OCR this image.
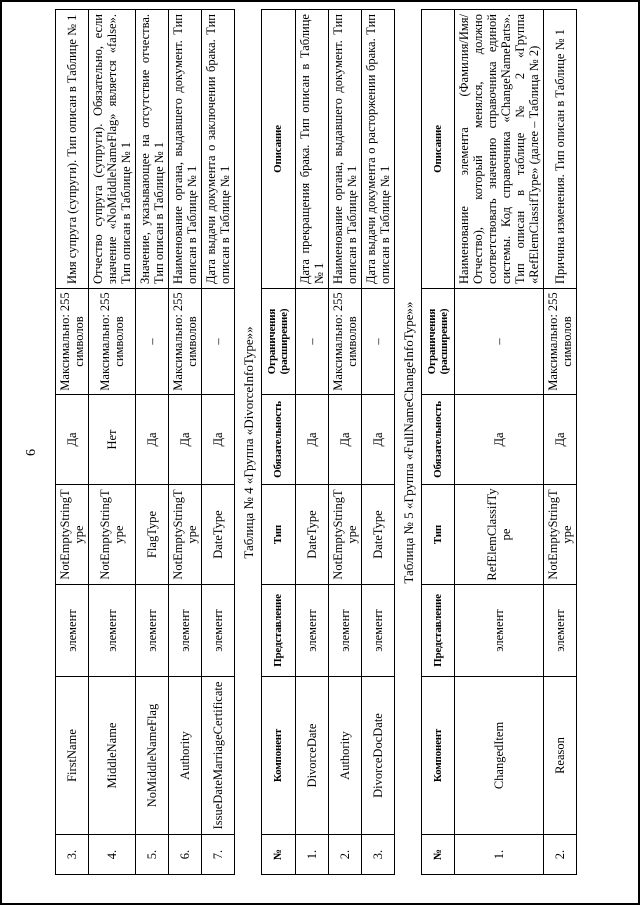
6
3.	FirstName	элемент	NotEmptyStringType	Да	Максимально: 255 символов	Имя супруга (супруги). Тип описан в Таблице № 1
4.	MiddleName	элемент	NotEmptyStringType	Нет	Максимально: 255 символов	Отчество супруга (супруги). Обязательно, если значение «NoMiddleNameFlag» является «false». Тип описан в Таблице № 1
5.	NoMiddleNameFlag	элемент	FlagType	Да	–	Значение, указывающее на отсутствие отчества. Тип описан в Таблице № 1
6.	Authority	элемент	NotEmptyStringType	Да	Максимально: 255 символов	Наименование органа, выдавшего документ. Тип описан в Таблице № 1
7.	IssueDateMarriageCertificate	элемент	DateType	Да	–	Дата выдачи документа о заключении брака. Тип описан в Таблице № 1
Таблица № 4 «Группа «DivorceInfoType»»
№	Компонент	Представление	Тип	Обязательность	Ограничения (расширение)	Описание
1.	DivorceDate	элемент	DateType	Да	–	Дата прекращения брака. Тип описан в Таблице № 1
2.	Authority	элемент	NotEmptyStringType	Да	Максимально: 255 символов	Наименование органа, выдавшего документ. Тип описан в Таблице № 1
3.	DivorceDocDate	элемент	DateType	Да	–	Дата выдачи документа о расторжении брака. Тип описан в Таблице № 1
Таблица № 5 «Группа «FullNameChangeInfoType»»
№	Компонент	Представление	Тип	Обязательность	Ограничения (расширение)	Описание
1.	ChangedItem	элемент	RefElemClassifType	Да	–	Наименование элемента (Фамилия/Имя/Отчество), который менялся, должно соответствовать значению справочника единой системы. Код справочника «ChangeNameParts». Тип описан в таблице № 2 «Группа «RefElemClassifType» (далее – Таблица № 2)
2.	Reason	элемент	NotEmptyStringType	Да	Максимально: 255 символов	Причина изменения. Тип описан в Таблице № 1
